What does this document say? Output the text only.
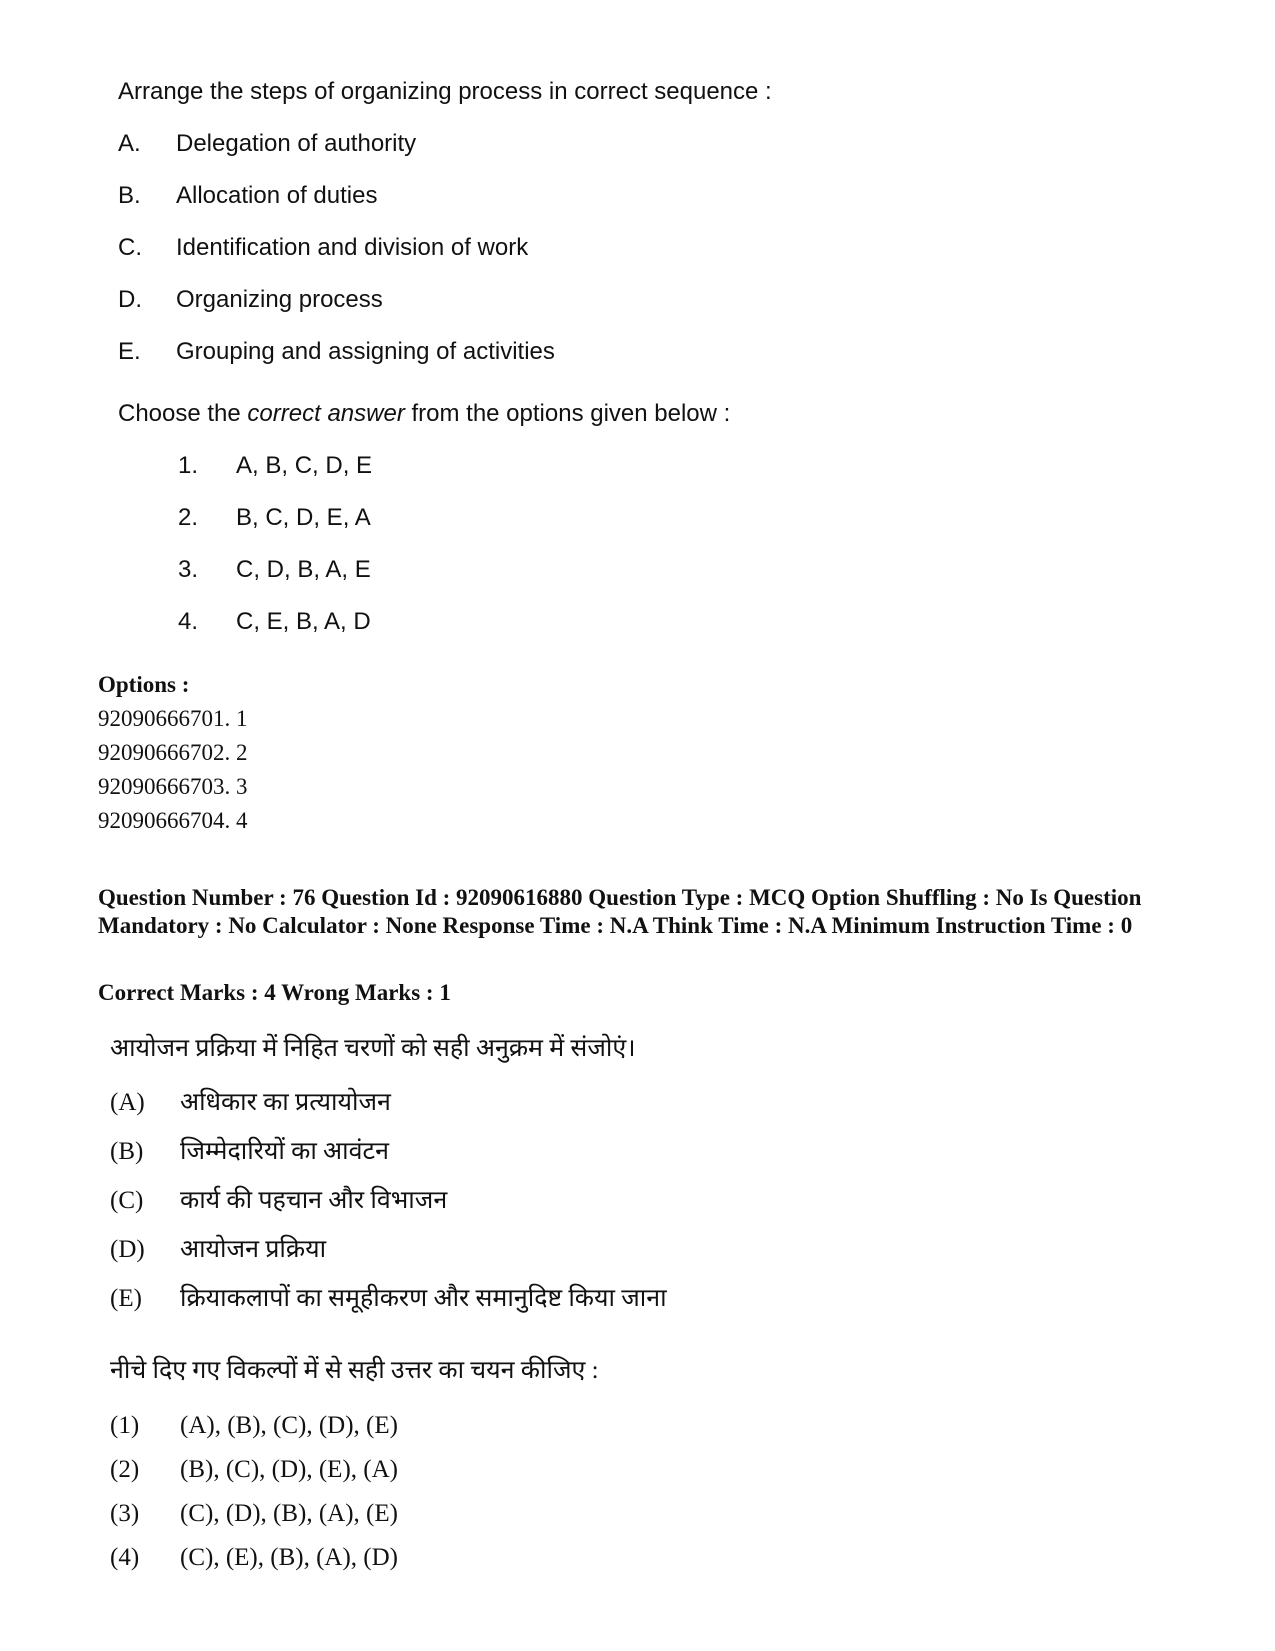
Arrange the steps of organizing process in correct sequence :
A. Delegation of authority
B. Allocation of duties
C. Identification and division of work
D. Organizing process
E. Grouping and assigning of activities
Choose the correct answer from the options given below :
1. A, B, C, D, E
2. B, C, D, E, A
3. C, D, B, A, E
4. C, E, B, A, D
Options :
92090666701. 1
92090666702. 2
92090666703. 3
92090666704. 4
Question Number : 76 Question Id : 92090616880 Question Type : MCQ Option Shuffling : No Is Question Mandatory : No Calculator : None Response Time : N.A Think Time : N.A Minimum Instruction Time : 0
Correct Marks : 4 Wrong Marks : 1
आयोजन प्रक्रिया में निहित चरणों को सही अनुक्रम में संजोएं।
(A) अधिकार का प्रत्यायोजन
(B) जिम्मेदारियों का आवंटन
(C) कार्य की पहचान और विभाजन
(D) आयोजन प्रक्रिया
(E) क्रियाकलापों का समूहीकरण और समानुदिष्ट किया जाना
नीचे दिए गए विकल्पों में से सही उत्तर का चयन कीजिए :
(1) (A), (B), (C), (D), (E)
(2) (B), (C), (D), (E), (A)
(3) (C), (D), (B), (A), (E)
(4) (C), (E), (B), (A), (D)
